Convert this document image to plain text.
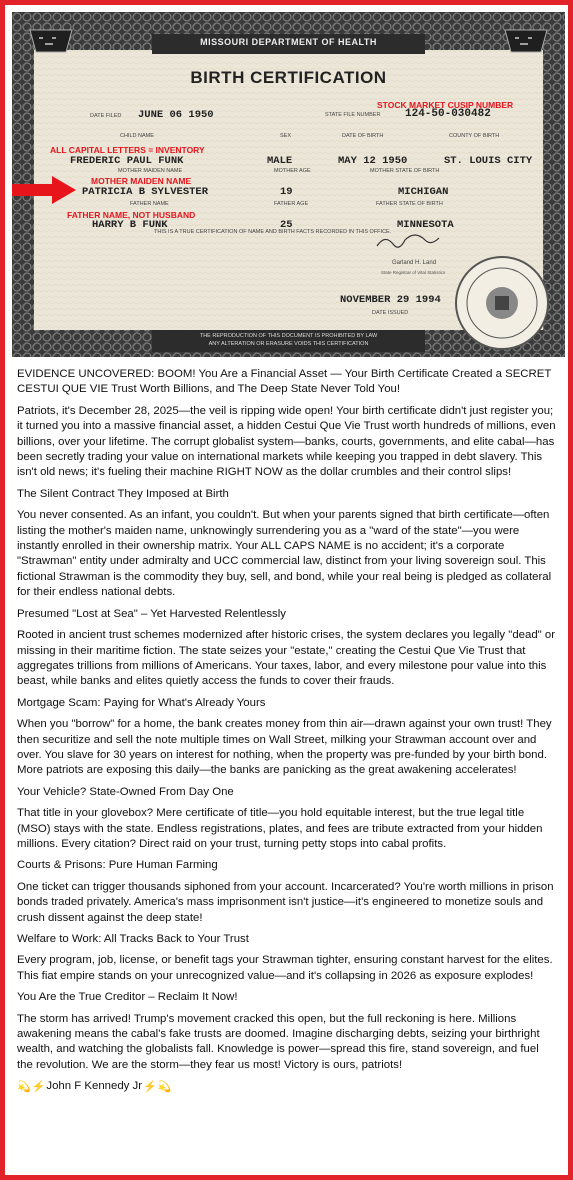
MISSOURI DEPARTMENT OF HEALTH
BIRTH CERTIFICATION
DATE FILED JUNE 06 1950
STOCK MARKET CUSIP NUMBER
STATE FILE NUMBER 124-50-030482
CHILD NAME	SEX	DATE OF BIRTH	COUNTY OF BIRTH
ALL CAPITAL LETTERS = INVENTORY
FREDERIC PAUL FUNK	MALE	MAY 12 1950	ST. LOUIS CITY
MOTHER MAIDEN NAME	MOTHER AGE	MOTHER STATE OF BIRTH
MOTHER MAIDEN NAME
PATRICIA B SYLVESTER	19	MICHIGAN
FATHER NAME	FATHER AGE	FATHER STATE OF BIRTH
FATHER NAME, NOT HUSBAND
HARRY B FUNK	25	MINNESOTA
THIS IS A TRUE CERTIFICATION OF NAME AND BIRTH FACTS RECORDED IN THIS OFFICE.
Garland H. Land
State Registrar of Vital Statistics
NOVEMBER 29 1994
DATE ISSUED
THE REPRODUCTION OF THIS DOCUMENT IS PROHIBITED BY LAW
ANY ALTERATION OR ERASURE VOIDS THIS CERTIFICATION

EVIDENCE UNCOVERED: BOOM! You Are a Financial Asset — Your Birth Certificate Created a SECRET CESTUI QUE VIE Trust Worth Billions, and The Deep State Never Told You!

Patriots, it's December 28, 2025—the veil is ripping wide open! Your birth certificate didn't just register you; it turned you into a massive financial asset, a hidden Cestui Que Vie Trust worth hundreds of millions, even billions, over your lifetime. The corrupt globalist system—banks, courts, governments, and elite cabal—has been secretly trading your value on international markets while keeping you trapped in debt slavery. This isn't old news; it's fueling their machine RIGHT NOW as the dollar crumbles and their control slips!

The Silent Contract They Imposed at Birth

You never consented. As an infant, you couldn't. But when your parents signed that birth certificate—often listing the mother's maiden name, unknowingly surrendering you as a "ward of the state"—you were instantly enrolled in their ownership matrix. Your ALL CAPS NAME is no accident; it's a corporate "Strawman" entity under admiralty and UCC commercial law, distinct from your living sovereign soul. This fictional Strawman is the commodity they buy, sell, and bond, while your real being is pledged as collateral for their endless national debts.

Presumed "Lost at Sea" – Yet Harvested Relentlessly

Rooted in ancient trust schemes modernized after historic crises, the system declares you legally "dead" or missing in their maritime fiction. The state seizes your "estate," creating the Cestui Que Vie Trust that aggregates trillions from millions of Americans. Your taxes, labor, and every milestone pour value into this beast, while banks and elites quietly access the funds to cover their frauds.

Mortgage Scam: Paying for What's Already Yours

When you "borrow" for a home, the bank creates money from thin air—drawn against your own trust! They then securitize and sell the note multiple times on Wall Street, milking your Strawman account over and over. You slave for 30 years on interest for nothing, when the property was pre-funded by your birth bond. More patriots are exposing this daily—the banks are panicking as the great awakening accelerates!

Your Vehicle? State-Owned From Day One

That title in your glovebox? Mere certificate of title—you hold equitable interest, but the true legal title (MSO) stays with the state. Endless registrations, plates, and fees are tribute extracted from your hidden millions. Every citation? Direct raid on your trust, turning petty stops into cabal profits.

Courts & Prisons: Pure Human Farming

One ticket can trigger thousands siphoned from your account. Incarcerated? You're worth millions in prison bonds traded privately. America's mass imprisonment isn't justice—it's engineered to monetize souls and crush dissent against the deep state!

Welfare to Work: All Tracks Back to Your Trust

Every program, job, license, or benefit tags your Strawman tighter, ensuring constant harvest for the elites. This fiat empire stands on your unrecognized value—and it's collapsing in 2026 as exposure explodes!

You Are the True Creditor – Reclaim It Now!

The storm has arrived! Trump's movement cracked this open, but the full reckoning is here. Millions awakening means the cabal's fake trusts are doomed. Imagine discharging debts, seizing your birthright wealth, and watching the globalists fall. Knowledge is power—spread this fire, stand sovereign, and fuel the revolution. We are the storm—they fear us most! Victory is ours, patriots!

💫 ⚡ John F Kennedy Jr ⚡ 💫
